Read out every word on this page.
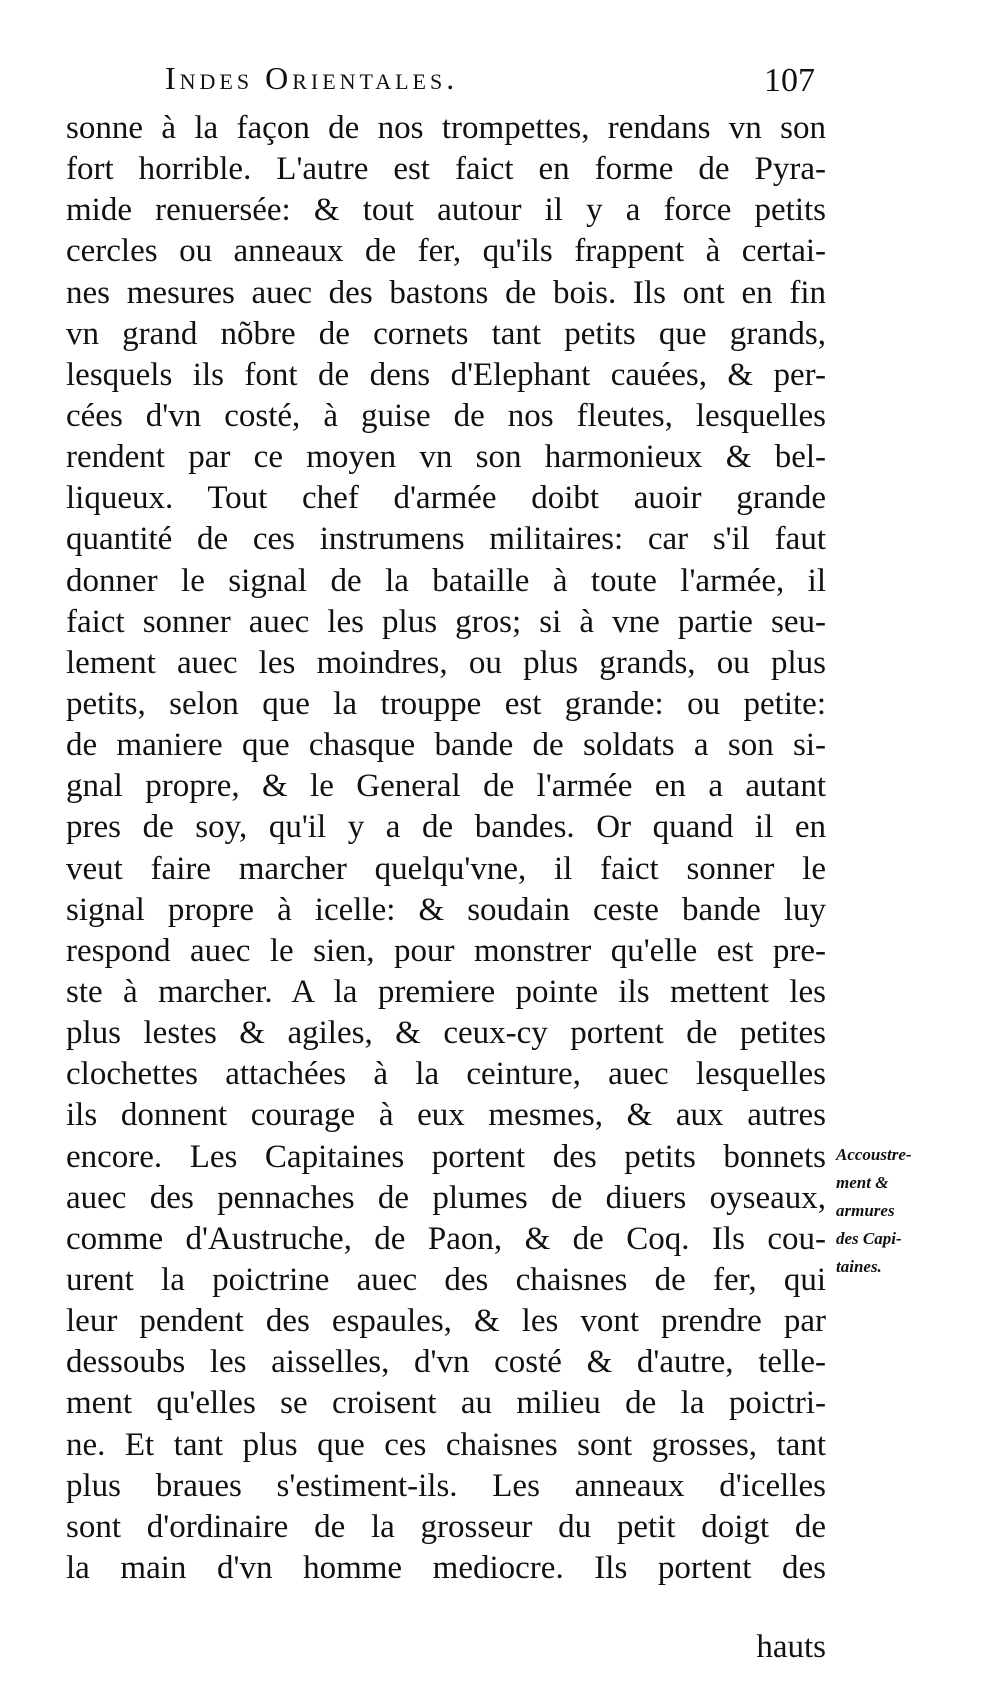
Indes Orientales.	107
sonne à la façon de nos trompettes, rendans vn son
fort horrible. L'autre est faict en forme de Pyra-
mide renuersée: & tout autour il y a force petits
cercles ou anneaux de fer, qu'ils frappent à certai-
nes mesures auec des bastons de bois. Ils ont en fin
vn grand nõbre de cornets tant petits que grands,
lesquels ils font de dens d'Elephant cauées, & per-
cées d'vn costé, à guise de nos fleutes, lesquelles
rendent par ce moyen vn son harmonieux & bel-
liqueux. Tout chef d'armée doibt auoir grande
quantité de ces instrumens militaires: car s'il faut
donner le signal de la bataille à toute l'armée, il
faict sonner auec les plus gros; si à vne partie seu-
lement auec les moindres, ou plus grands, ou plus
petits, selon que la trouppe est grande: ou petite:
de maniere que chasque bande de soldats a son si-
gnal propre, & le General de l'armée en a autant
pres de soy, qu'il y a de bandes. Or quand il en
veut faire marcher quelqu'vne, il faict sonner le
signal propre à icelle: & soudain ceste bande luy
respond auec le sien, pour monstrer qu'elle est pre-
ste à marcher. A la premiere pointe ils mettent les
plus lestes & agiles, & ceux-cy portent de petites
clochettes attachées à la ceinture, auec lesquelles
ils donnent courage à eux mesmes, & aux autres
encore. Les Capitaines portent des petits bonnets
auec des pennaches de plumes de diuers oyseaux,
comme d'Austruche, de Paon, & de Coq. Ils cou-
urent la poictrine auec des chaisnes de fer, qui
leur pendent des espaules, & les vont prendre par
dessoubs les aisselles, d'vn costé & d'autre, telle-
ment qu'elles se croisent au milieu de la poictri-
ne. Et tant plus que ces chaisnes sont grosses, tant
plus braues s'estiment-ils. Les anneaux d'icelles
sont d'ordinaire de la grosseur du petit doigt de
la main d'vn homme mediocre. Ils portent des
hauts
Accoustre-
ment &
armures
des Capi-
taines.
